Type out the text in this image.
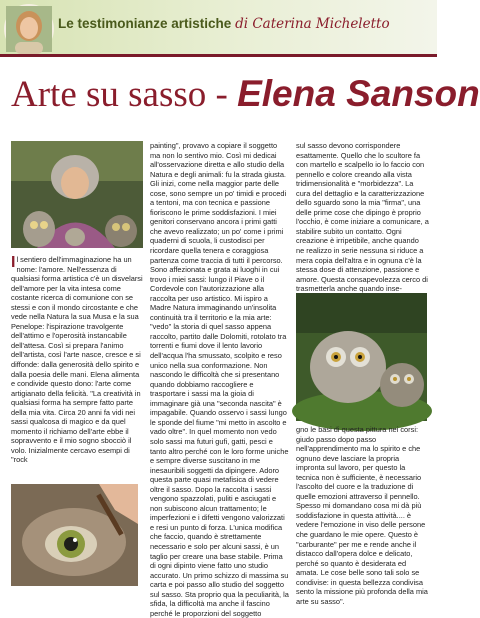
Le testimonianze artistiche di Caterina Micheletto
Arte su sasso - Elena Sanson

Il sentiero dell'immaginazione ha un nome: l'amore. Nell'essenza di qualsiasi forma artistica c'è un disvelarsi dell'amore per la vita intesa come costante ricerca di comunione con se stessi e con il mondo circostante e che vede nella Natura la sua Musa e la sua Penelope: l'ispirazione travolgente dell'attimo e l'operosità instancabile dell'attesa. Così si prepara l'animo dell'artista, così l'arte nasce, cresce e si diffonde: dalla generosità dello spirito e dalla poesia delle mani. Elena alimenta e condivide questo dono: l'arte come artigianato della felicità. "La creatività in qualsiasi forma ha sempre fatto parte della mia vita. Circa 20 anni fa vidi nei sassi qualcosa di magico e da quel momento il richiamo dell'arte ebbe il sopravvento e il mio sogno sbocciò il volo. Inizialmente cercavo esempi di "rock

painting", provavo a copiare il soggetto ma non lo sentivo mio. Così mi dedicai all'osservazione diretta e allo studio della Natura e degli animali: fu la strada giusta. Gli inizi, come nella maggior parte delle cose, sono sempre un po' timidi e procedi a tentoni, ma con tecnica e passione fioriscono le prime soddisfazioni. I miei genitori conservano ancora i primi gatti che avevo realizzato; un po' come i primi quaderni di scuola, li custodisci per ricordare quella tenera e coraggiosa partenza come traccia di tutti il percorso. Sono affezionata e grata ai luoghi in cui trovo i miei sassi: lungo il Piave o il Cordevole con l'autorizzazione alla raccolta per uso artistico. Mi ispiro a Madre Natura immaginando un'insolita continuità tra il territorio e la mia arte: "vedo" la storia di quel sasso appena raccolto, partito dalle Dolomiti, rotolato tra torrenti e fiumi dove il lento lavorio dell'acqua l'ha smussato, scolpito e reso unico nella sua conformazione. Non nascondo le difficoltà che si presentano quando dobbiamo raccogliere e trasportare i sassi ma la gioia di immaginare già una "seconda nascita" è impagabile. Quando osservo i sassi lungo le sponde del fiume "mi metto in ascolto e vado oltre". In quel momento non vedo solo sassi ma futuri gufi, gatti, pesci e tanto altro perché con le loro forme uniche e sempre diverse suscitano in me inesauribili soggetti da dipingere. Adoro questa parte quasi metafisica di vedere oltre il sasso. Dopo la raccolta i sassi vengono spazzolati, puliti e asciugati e non subiscono alcun trattamento; le imperfezioni e i difetti vengono valorizzati e resi un punto di forza. L'unica modifica che faccio, quando è strettamente necessario e solo per alcuni sassi, è un taglio per creare una base stabile. Prima di ogni dipinto viene fatto uno studio accurato. Un primo schizzo di massima su carta e poi passo allo studio del soggetto sul sasso. Sta proprio qua la peculiarità, la sfida, la difficoltà ma anche il fascino perché le proporzioni del soggetto

sul sasso devono corrispondere esattamente. Quello che lo scultore fa con martello e scalpello io lo faccio con pennello e colore creando alla vista tridimensionalità e "morbidezza". La cura del dettaglio e la caratterizzazione dello sguardo sono la mia "firma", una delle prime cose che dipingo è proprio l'occhio, è come iniziare a comunicare, a stabilire subito un contatto. Ogni creazione è irripetibile, anche quando ne realizzo in serie nessuna si riduce a mera copia dell'altra e in ognuna c'è la stessa dose di attenzione, passione e amore. Questa consapevolezza cerco di trasmetterla anche quando inse-

gno le basi di questa pittura nei corsi: giudo passo dopo passo nell'apprendimento ma lo spirito e che ognuno deve lasciare la propria impronta sul lavoro, per questo la tecnica non è sufficiente, è necessario l'ascolto del cuore e la traduzione di quelle emozioni attraverso il pennello. Spesso mi domandano cosa mi dà più soddisfazione in questa attività.... è vedere l'emozione in viso delle persone che guardano le mie opere. Questo è "carburante" per me e rende anche il distacco dall'opera dolce e delicato, perché so quanto è desiderata ed amata. Le cose belle sono tali solo se condivise: in questa bellezza condivisa sento la missione più profonda della mia arte su sasso".
